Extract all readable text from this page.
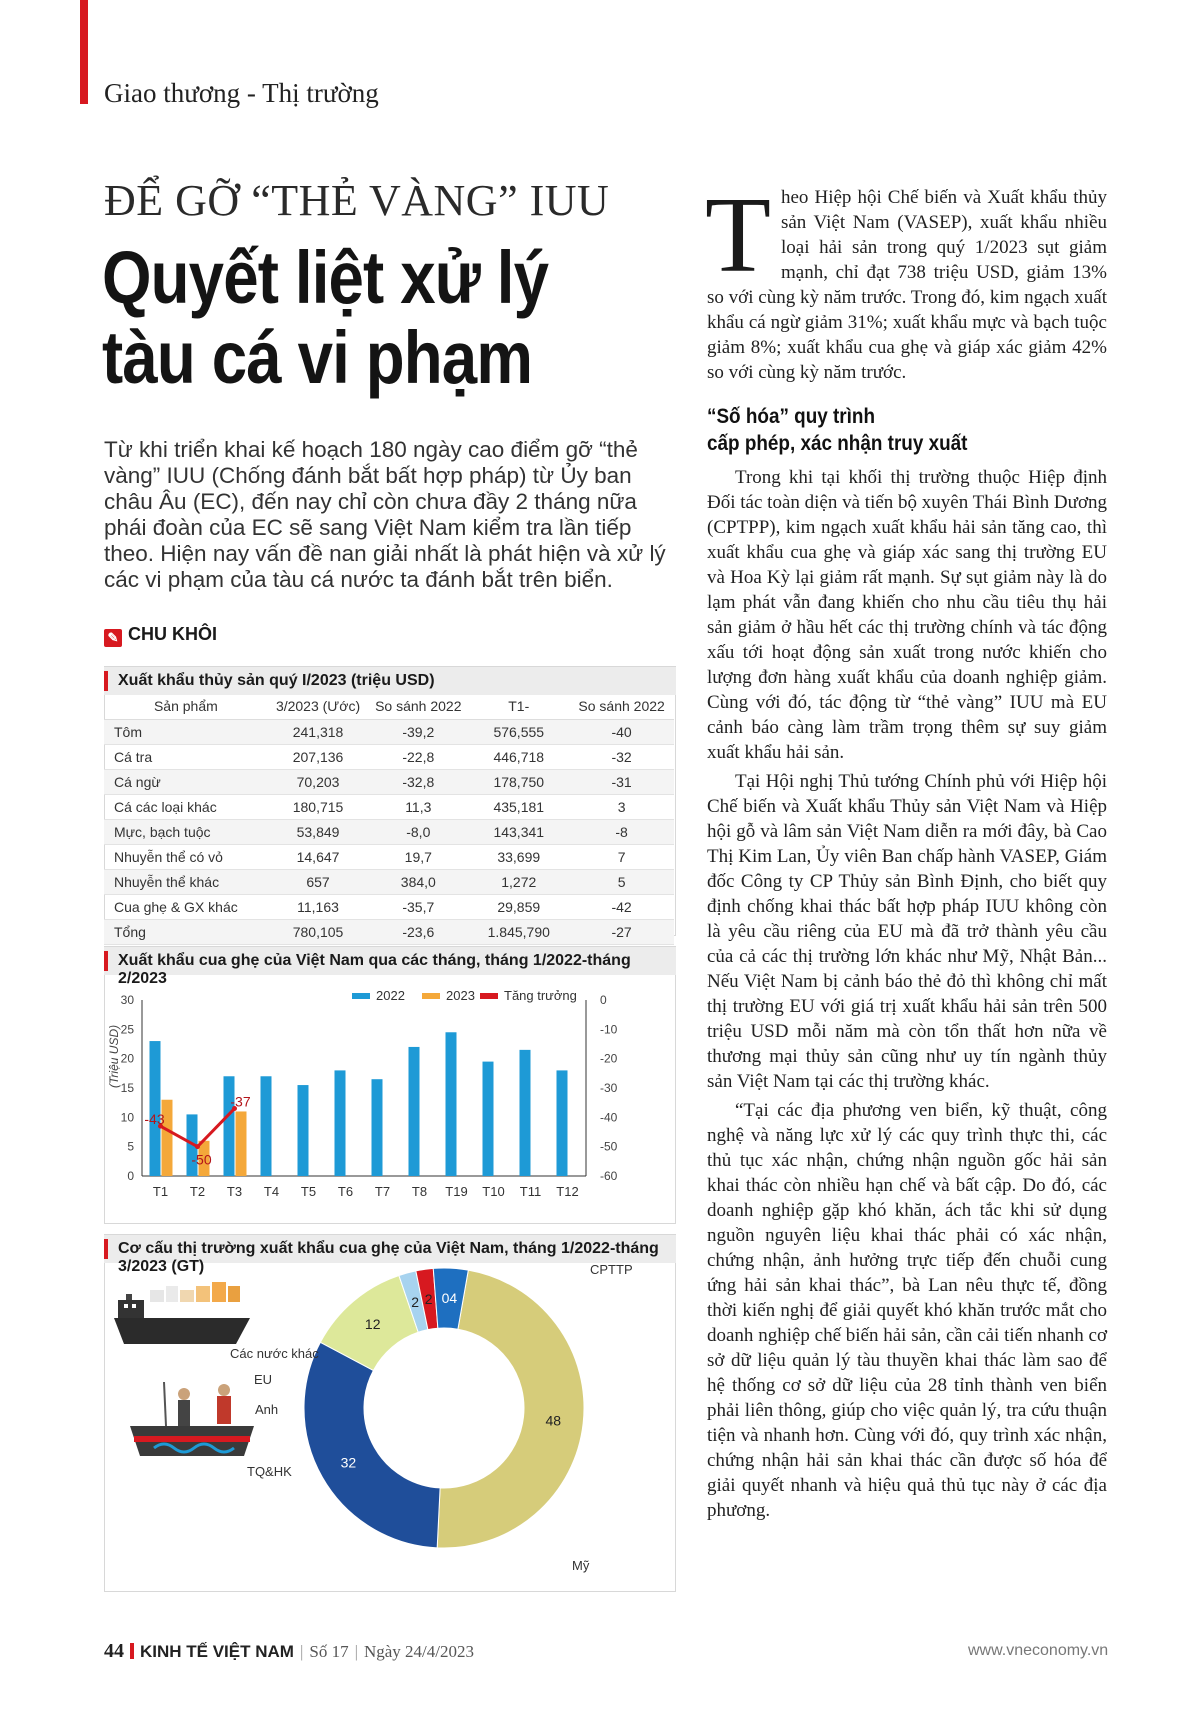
Giao thương - Thị trường
ĐỂ GỠ “THẺ VÀNG” IUU
Quyết liệt xử lý tàu cá vi phạm
Từ khi triển khai kế hoạch 180 ngày cao điểm gỡ “thẻ vàng” IUU (Chống đánh bắt bất hợp pháp) từ Ủy ban châu Âu (EC), đến nay chỉ còn chưa đầy 2 tháng nữa phái đoàn của EC sẽ sang Việt Nam kiểm tra lần tiếp theo. Hiện nay vấn đề nan giải nhất là phát hiện và xử lý các vi phạm của tàu cá nước ta đánh bắt trên biển.
✎ CHU KHÔI
Xuất khẩu thủy sản quý I/2023 (triệu USD)
Sản phẩm	3/2023 (Ước)	So sánh 2022	T1-	So sánh 2022
Tôm	241,318	-39,2	576,555	-40
Cá tra	207,136	-22,8	446,718	-32
Cá ngừ	70,203	-32,8	178,750	-31
Cá các loại khác	180,715	11,3	435,181	3
Mực, bạch tuộc	53,849	-8,0	143,341	-8
Nhuyễn thể có vỏ	14,647	19,7	33,699	7
Nhuyễn thể khác	657	384,0	1,272	5
Cua ghẹ & GX khác	11,163	-35,7	29,859	-42
Tổng	780,105	-23,6	1.845,790	-27
Xuất khẩu cua ghẹ của Việt Nam qua các tháng, tháng 1/2022-tháng 2/2023
(Triệu USD)
30
25
20
15
10
5
0
0
-10
-20
-30
-40
-50
-60
T1 T2 T3 T4 T5 T6 T7 T8 T19 T10 T11 T12
-43
-50
-37
2022	2023 Tăng trưởng
Cơ cấu thị trường xuất khẩu cua ghẹ của Việt Nam, tháng 1/2022-tháng 3/2023 (GT)
48
32
12
2 2 04
CPTTP
Mỹ
TQ&HK
Anh
EU
Các nước khác

Theo Hiệp hội Chế biến và Xuất khẩu thủy sản Việt Nam (VASEP), xuất khẩu nhiều loại hải sản trong quý 1/2023 sụt giảm mạnh, chỉ đạt 738 triệu USD, giảm 13% so với cùng kỳ năm trước. Trong đó, kim ngạch xuất khẩu cá ngừ giảm 31%; xuất khẩu mực và bạch tuộc giảm 8%; xuất khẩu cua ghẹ và giáp xác giảm 42% so với cùng kỳ năm trước.

“Số hóa” quy trình
cấp phép, xác nhận truy xuất

Trong khi tại khối thị trường thuộc Hiệp định Đối tác toàn diện và tiến bộ xuyên Thái Bình Dương (CPTPP), kim ngạch xuất khẩu hải sản tăng cao, thì xuất khẩu cua ghẹ và giáp xác sang thị trường EU và Hoa Kỳ lại giảm rất mạnh. Sự sụt giảm này là do lạm phát vẫn đang khiến cho nhu cầu tiêu thụ hải sản giảm ở hầu hết các thị trường chính và tác động xấu tới hoạt động sản xuất trong nước khiến cho lượng đơn hàng xuất khẩu của doanh nghiệp giảm. Cùng với đó, tác động từ “thẻ vàng” IUU mà EU cảnh báo càng làm trầm trọng thêm sự suy giảm xuất khẩu hải sản.

Tại Hội nghị Thủ tướng Chính phủ với Hiệp hội Chế biến và Xuất khẩu Thủy sản Việt Nam và Hiệp hội gỗ và lâm sản Việt Nam diễn ra mới đây, bà Cao Thị Kim Lan, Ủy viên Ban chấp hành VASEP, Giám đốc Công ty CP Thủy sản Bình Định, cho biết quy định chống khai thác bất hợp pháp IUU không còn là yêu cầu riêng của EU mà đã trở thành yêu cầu của cả các thị trường lớn khác như Mỹ, Nhật Bản... Nếu Việt Nam bị cảnh báo thẻ đỏ thì không chỉ mất thị trường EU với giá trị xuất khẩu hải sản trên 500 triệu USD mỗi năm mà còn tổn thất hơn nữa về thương mại thủy sản cũng như uy tín ngành thủy sản Việt Nam tại các thị trường khác.

“Tại các địa phương ven biển, kỹ thuật, công nghệ và năng lực xử lý các quy trình thực thi, các thủ tục xác nhận, chứng nhận nguồn gốc hải sản khai thác còn nhiều hạn chế và bất cập. Do đó, các doanh nghiệp gặp khó khăn, ách tắc khi sử dụng nguồn nguyên liệu khai thác phải có xác nhận, chứng nhận, ảnh hưởng trực tiếp đến chuỗi cung ứng hải sản khai thác”, bà Lan nêu thực tế, đồng thời kiến nghị để giải quyết khó khăn trước mắt cho doanh nghiệp chế biến hải sản, cần cải tiến nhanh cơ sở dữ liệu quản lý tàu thuyền khai thác làm sao để hệ thống cơ sở dữ liệu của 28 tỉnh thành ven biển phải liên thông, giúp cho việc quản lý, tra cứu thuận tiện và nhanh hơn. Cùng với đó, quy trình xác nhận, chứng nhận hải sản khai thác cần được số hóa để giải quyết nhanh và hiệu quả thủ tục này ở các địa phương.

44 KINH TẾ VIỆT NAM | Số 17 | Ngày 24/4/2023	www.vneconomy.vn
